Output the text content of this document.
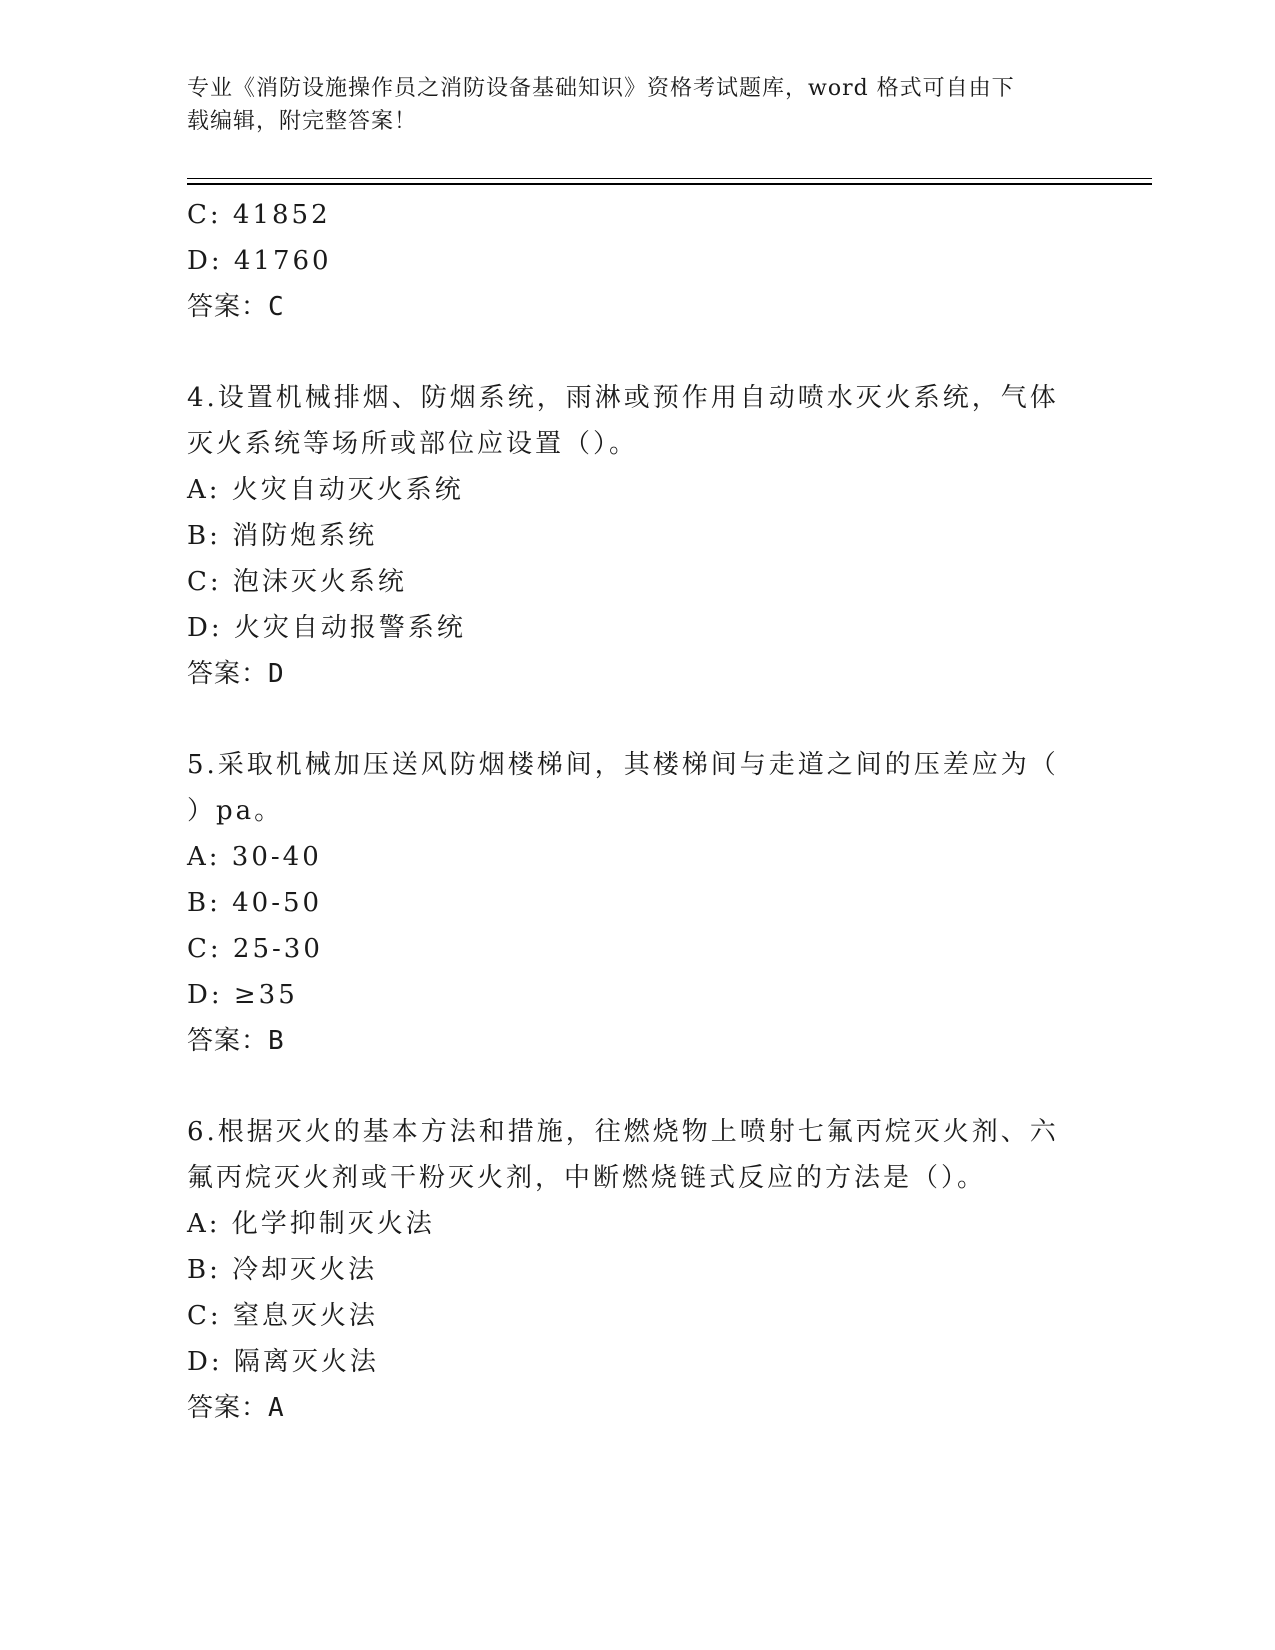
专业《消防设施操作员之消防设备基础知识》资格考试题库，word 格式可自由下
载编辑，附完整答案！
C: 41852
D: 41760
答案：C
4.设置机械排烟、防烟系统，雨淋或预作用自动喷水灭火系统，气体
灭火系统等场所或部位应设置（）。
A: 火灾自动灭火系统
B: 消防炮系统
C: 泡沫灭火系统
D: 火灾自动报警系统
答案：D
5.采取机械加压送风防烟楼梯间，其楼梯间与走道之间的压差应为（
）pa。
A: 30-40
B: 40-50
C: 25-30
D: ≥35
答案：B
6.根据灭火的基本方法和措施，往燃烧物上喷射七氟丙烷灭火剂、六
氟丙烷灭火剂或干粉灭火剂，中断燃烧链式反应的方法是（）。
A: 化学抑制灭火法
B: 冷却灭火法
C: 窒息灭火法
D: 隔离灭火法
答案：A
